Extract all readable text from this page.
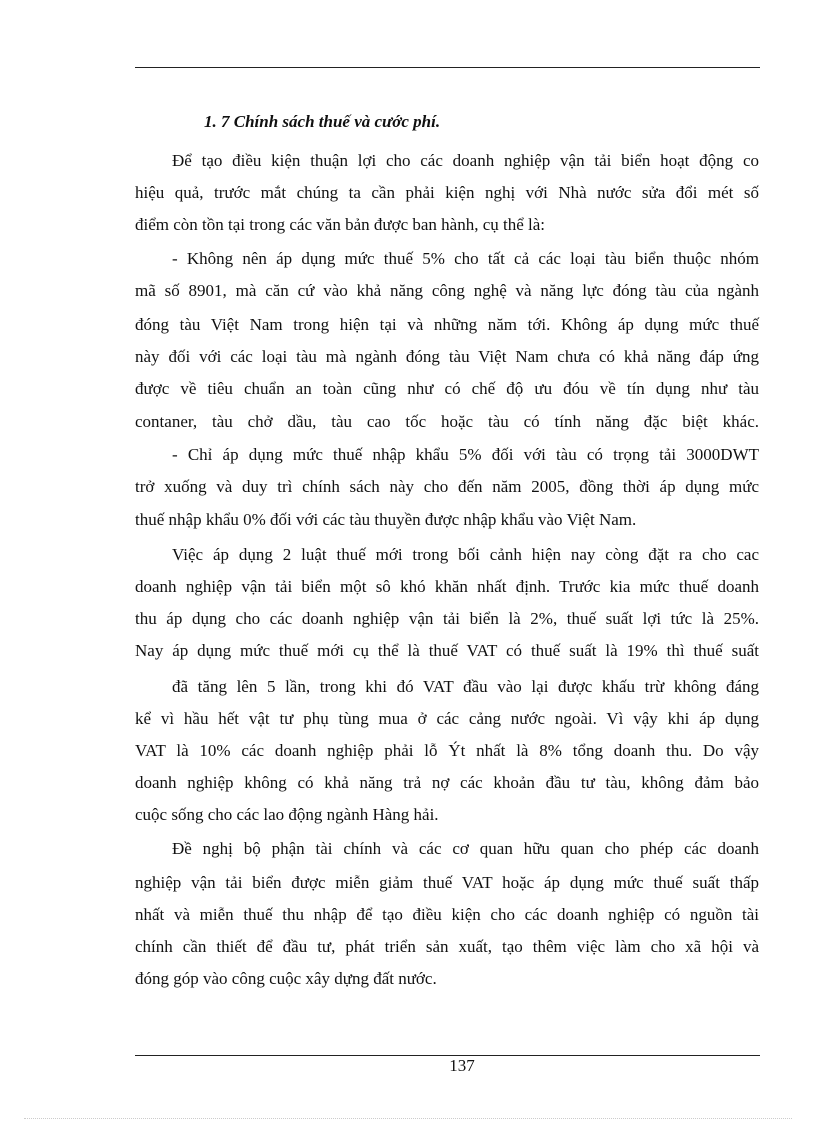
1. 7 Chính sách thuế và cước phí.
Để tạo điều kiện thuận lợi cho các doanh nghiệp vận tải biển hoạt động co
hiệu quả, trước mắt chúng ta cần phải kiện nghị với Nhà nước sửa đổi mét số
điểm còn tồn tại trong các văn bản được ban hành, cụ thể là:
- Không nên áp dụng mức thuế 5% cho tất cả các loại tàu biển thuộc nhóm
mã số 8901, mà căn cứ vào khả năng công nghệ và năng lực đóng tàu của ngành
đóng tàu Việt Nam trong hiện tại và những năm tới. Không áp dụng mức thuế
này đối với các loại tàu mà ngành đóng tàu Việt Nam chưa có khả năng đáp ứng
được về tiêu chuẩn an toàn cũng như có chế độ ưu đóu về tín dụng như tàu
contaner, tàu chở dầu, tàu cao tốc hoặc tàu có tính năng đặc biệt khác.
- Chỉ áp dụng mức thuế nhập khẩu 5% đối với tàu có trọng tải 3000DWT
trở xuống và duy trì chính sách này cho đến năm 2005, đồng thời áp dụng mức
thuế nhập khẩu 0% đối với các tàu thuyền được nhập khẩu vào Việt Nam.
Việc áp dụng 2 luật thuế mới trong bối cảnh hiện nay còng đặt ra cho cac
doanh nghiệp vận tải biển một sô khó khăn nhất định. Trước kia mức thuế doanh
thu áp dụng cho các doanh nghiệp vận tải biển là 2%, thuế suất lợi tức là 25%.
Nay áp dụng mức thuế mới cụ thể là thuế VAT có thuế suất là 19% thì thuế suất
đã tăng lên 5 lần, trong khi đó VAT đầu vào lại được khấu trừ không đáng
kể vì hầu hết vật tư phụ tùng mua ở các cảng nước ngoài. Vì vậy khi áp dụng
VAT là 10% các doanh nghiệp phải lỗ Ýt nhất là 8% tổng doanh thu. Do vậy
doanh nghiệp không có khả năng trả nợ các khoản đầu tư tàu, không đảm bảo
cuộc sống cho các lao động ngành Hàng hải.
Đề nghị bộ phận tài chính và các cơ quan hữu quan cho phép các doanh
nghiệp vận tải biển được miễn giảm thuế VAT hoặc áp dụng mức thuế suất thấp
nhất và miễn thuế thu nhập để tạo điều kiện cho các doanh nghiệp có nguồn tài
chính cần thiết để đầu tư, phát triển sản xuất, tạo thêm việc làm cho xã hội và
đóng góp vào công cuộc xây dựng đất nước.
137
